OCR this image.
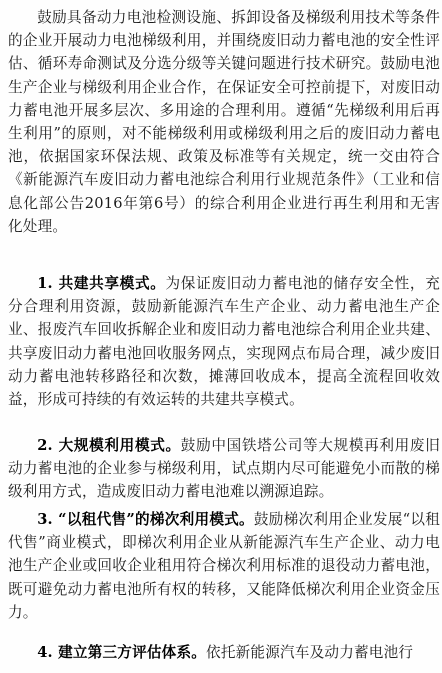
鼓励具备动力电池检测设施、拆卸设备及梯级利用技术等条件的企业开展动力电池梯级利用，并围绕废旧动力蓄电池的安全性评估、循环寿命测试及分选分级等关键问题进行技术研究。鼓励电池生产企业与梯级利用企业合作，在保证安全可控前提下，对废旧动力蓄电池开展多层次、多用途的合理利用。遵循“先梯级利用后再生利用”的原则，对不能梯级利用或梯级利用之后的废旧动力蓄电池，依据国家环保法规、政策及标准等有关规定，统一交由符合《新能源汽车废旧动力蓄电池综合利用行业规范条件》（工业和信息化部公告2016年第6号）的综合利用企业进行再生利用和无害化处理。

1. 共建共享模式。为保证废旧动力蓄电池的储存安全性，充分合理利用资源，鼓励新能源汽车生产企业、动力蓄电池生产企业、报废汽车回收拆解企业和废旧动力蓄电池综合利用企业共建、共享废旧动力蓄电池回收服务网点，实现网点布局合理，减少废旧动力蓄电池转移路径和次数，摊薄回收成本，提高全流程回收效益，形成可持续的有效运转的共建共享模式。

2. 大规模利用模式。鼓励中国铁塔公司等大规模再利用废旧动力蓄电池的企业参与梯级利用，试点期内尽可能避免小而散的梯级利用方式，造成废旧动力蓄电池难以溯源追踪。

3. “以租代售”的梯次利用模式。鼓励梯次利用企业发展“以租代售”商业模式，即梯次利用企业从新能源汽车生产企业、动力电池生产企业或回收企业租用符合梯次利用标准的退役动力蓄电池，既可避免动力蓄电池所有权的转移，又能降低梯次利用企业资金压力。

4. 建立第三方评估体系。依托新能源汽车及动力蓄电池行
